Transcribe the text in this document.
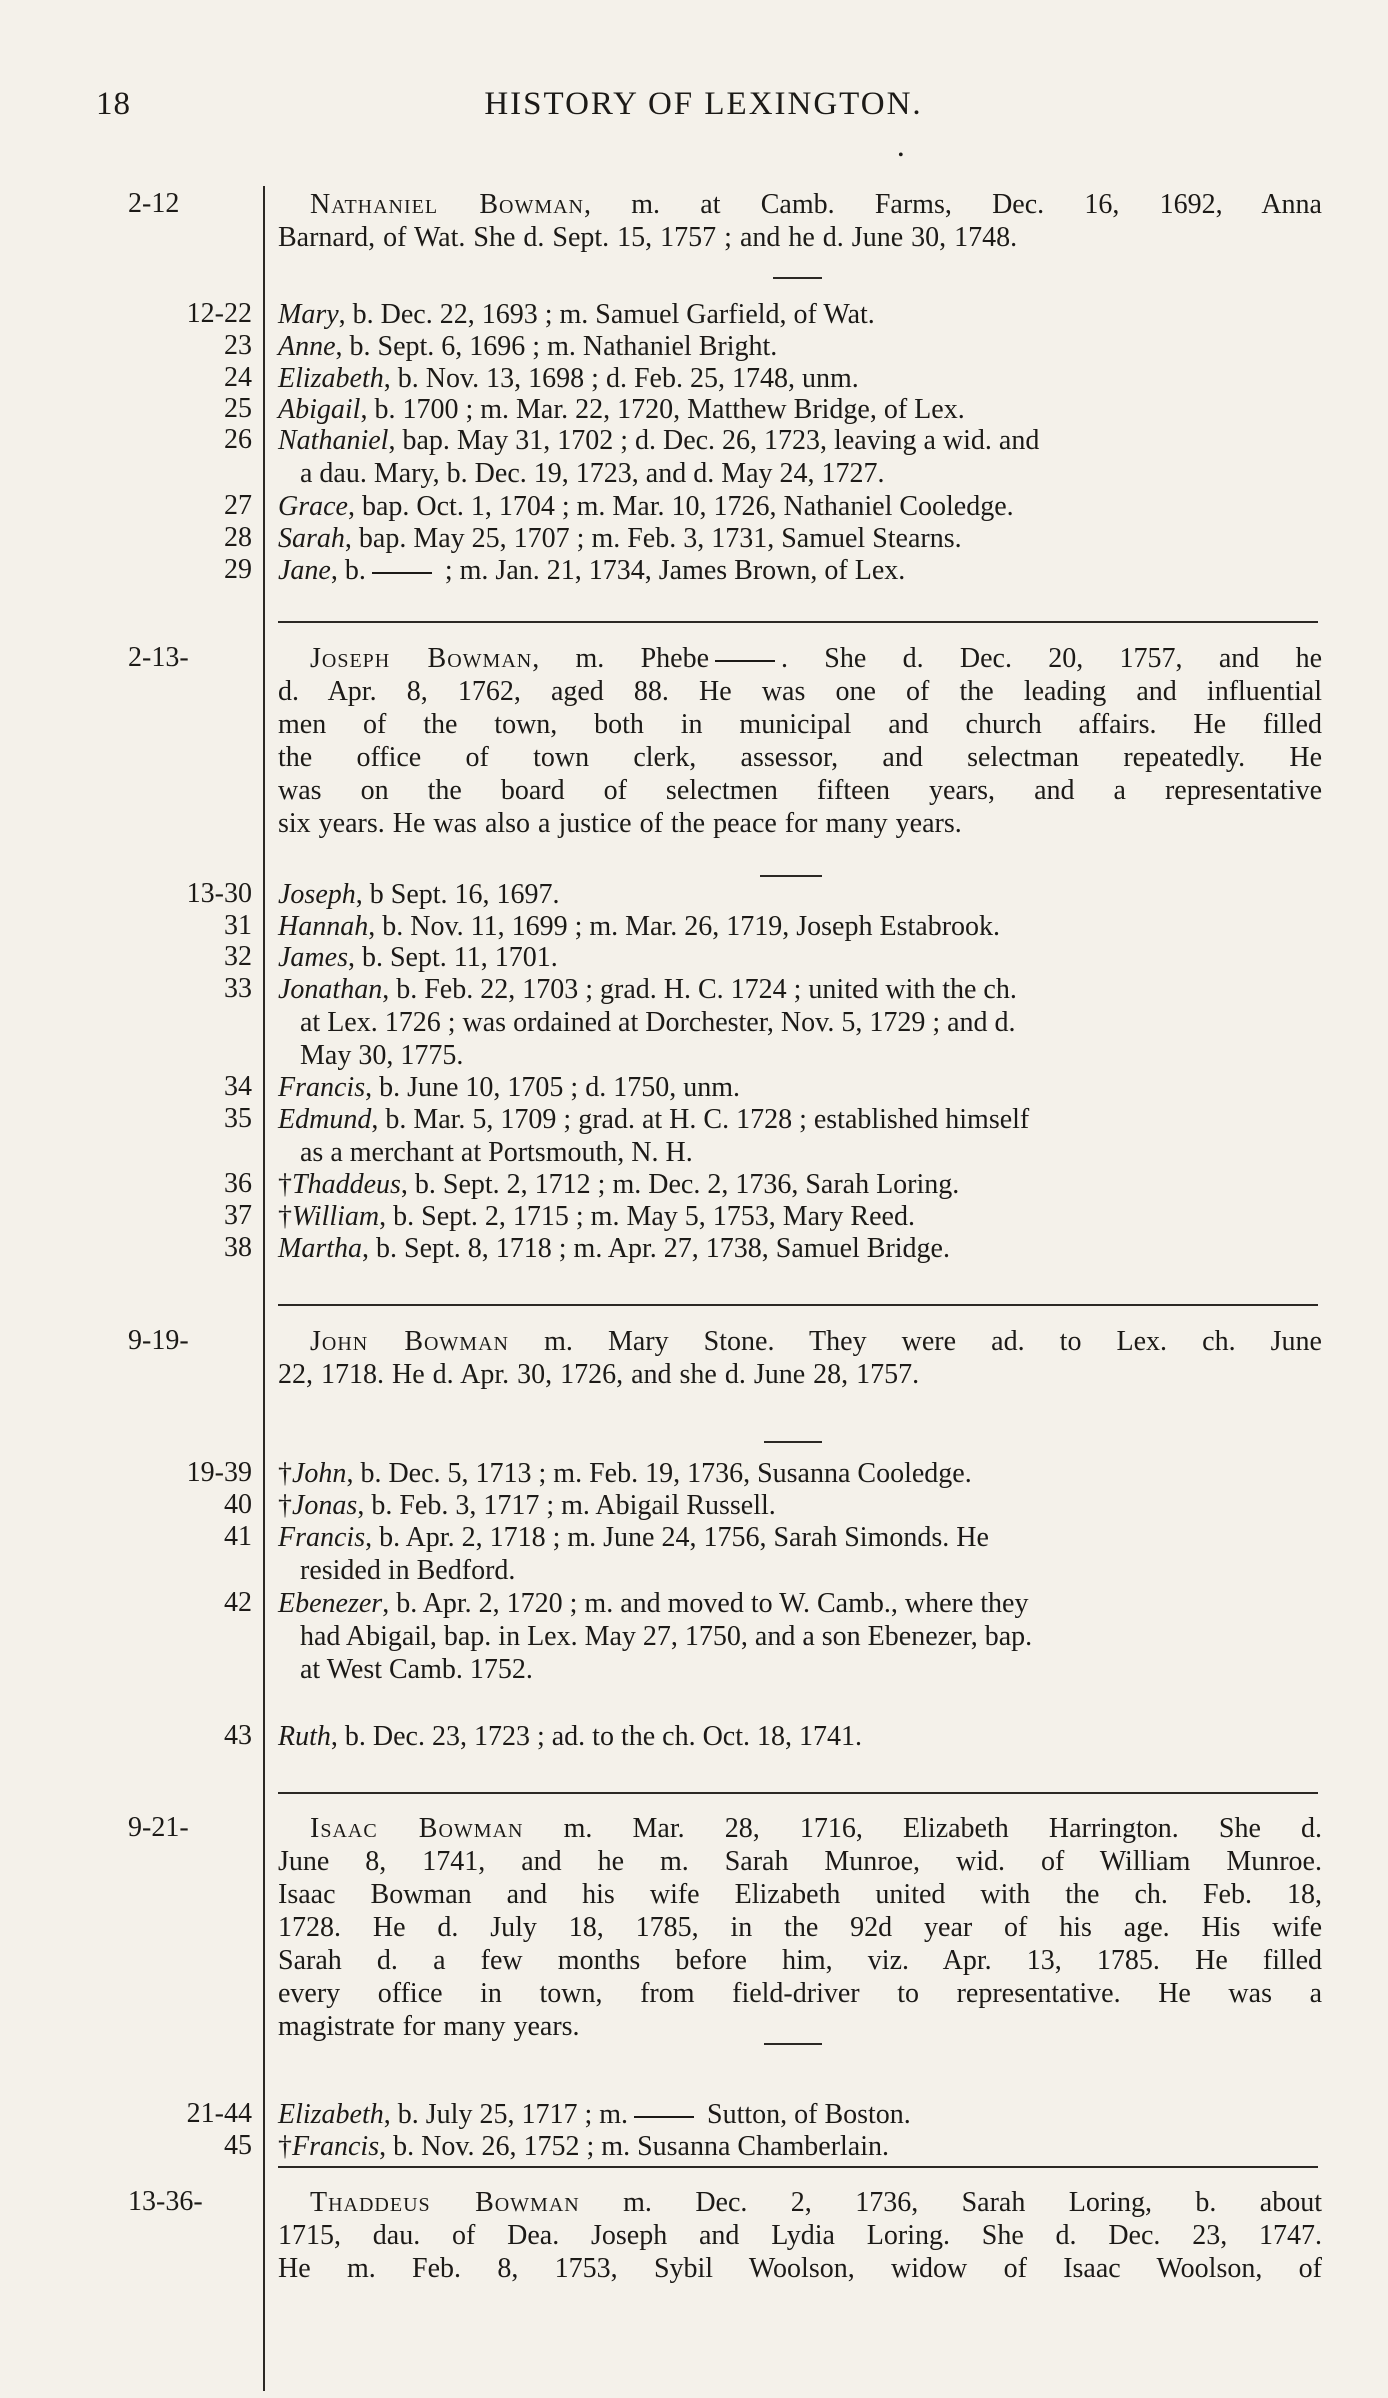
18	HISTORY OF LEXINGTON.
•
2-12	Nathaniel Bowman, m. at Camb. Farms, Dec. 16, 1692, Anna
Barnard, of Wat. She d. Sept. 15, 1757 ; and he d. June 30, 1748.
12-22 Mary, b. Dec. 22, 1693 ; m. Samuel Garfield, of Wat.
23 Anne, b. Sept. 6, 1696 ; m. Nathaniel Bright.
24 Elizabeth, b. Nov. 13, 1698 ; d. Feb. 25, 1748, unm.
25 Abigail, b. 1700 ; m. Mar. 22, 1720, Matthew Bridge, of Lex.
26 Nathaniel, bap. May 31, 1702 ; d. Dec. 26, 1723, leaving a wid. and
a dau. Mary, b. Dec. 19, 1723, and d. May 24, 1727.
27 Grace, bap. Oct. 1, 1704 ; m. Mar. 10, 1726, Nathaniel Cooledge.
28 Sarah, bap. May 25, 1707 ; m. Feb. 3, 1731, Samuel Stearns.
29 Jane, b.	; m. Jan. 21, 1734, James Brown, of Lex.
2-13-	Joseph Bowman, m. Phebe	. She d. Dec. 20, 1757, and he
d. Apr. 8, 1762, aged 88. He was one of the leading and influential
men of the town, both in municipal and church affairs. He filled
the office of town clerk, assessor, and selectman repeatedly. He
was on the board of selectmen fifteen years, and a representative
six years. He was also a justice of the peace for many years.
13-30 Joseph, b Sept. 16, 1697.
31 Hannah, b. Nov. 11, 1699 ; m. Mar. 26, 1719, Joseph Estabrook.
32 James, b. Sept. 11, 1701.
33 Jonathan, b. Feb. 22, 1703 ; grad. H. C. 1724 ; united with the ch.
at Lex. 1726 ; was ordained at Dorchester, Nov. 5, 1729 ; and d.
May 30, 1775.
34 Francis, b. June 10, 1705 ; d. 1750, unm.
35 Edmund, b. Mar. 5, 1709 ; grad. at H. C. 1728 ; established himself
as a merchant at Portsmouth, N. H.
36 †Thaddeus, b. Sept. 2, 1712 ; m. Dec. 2, 1736, Sarah Loring.
37 †William, b. Sept. 2, 1715 ; m. May 5, 1753, Mary Reed.
38 Martha, b. Sept. 8, 1718 ; m. Apr. 27, 1738, Samuel Bridge.
9-19-	John Bowman m. Mary Stone. They were ad. to Lex. ch. June
22, 1718. He d. Apr. 30, 1726, and she d. June 28, 1757.
19-39 †John, b. Dec. 5, 1713 ; m. Feb. 19, 1736, Susanna Cooledge.
40 †Jonas, b. Feb. 3, 1717 ; m. Abigail Russell.
41 Francis, b. Apr. 2, 1718 ; m. June 24, 1756, Sarah Simonds. He
resided in Bedford.
42 Ebenezer, b. Apr. 2, 1720 ; m. and moved to W. Camb., where they
had Abigail, bap. in Lex. May 27, 1750, and a son Ebenezer, bap.
at West Camb. 1752.
43 Ruth, b. Dec. 23, 1723 ; ad. to the ch. Oct. 18, 1741.
9-21-	Isaac Bowman m. Mar. 28, 1716, Elizabeth Harrington. She d.
June 8, 1741, and he m. Sarah Munroe, wid. of William Munroe.
Isaac Bowman and his wife Elizabeth united with the ch. Feb. 18,
1728. He d. July 18, 1785, in the 92d year of his age. His wife
Sarah d. a few months before him, viz. Apr. 13, 1785. He filled
every office in town, from field-driver to representative. He was a
magistrate for many years.
21-44 Elizabeth, b. July 25, 1717 ; m.	Sutton, of Boston.
45 †Francis, b. Nov. 26, 1752 ; m. Susanna Chamberlain.
13-36-	Thaddeus Bowman m. Dec. 2, 1736, Sarah Loring, b. about
1715, dau. of Dea. Joseph and Lydia Loring. She d. Dec. 23, 1747.
He m. Feb. 8, 1753, Sybil Woolson, widow of Isaac Woolson, of
